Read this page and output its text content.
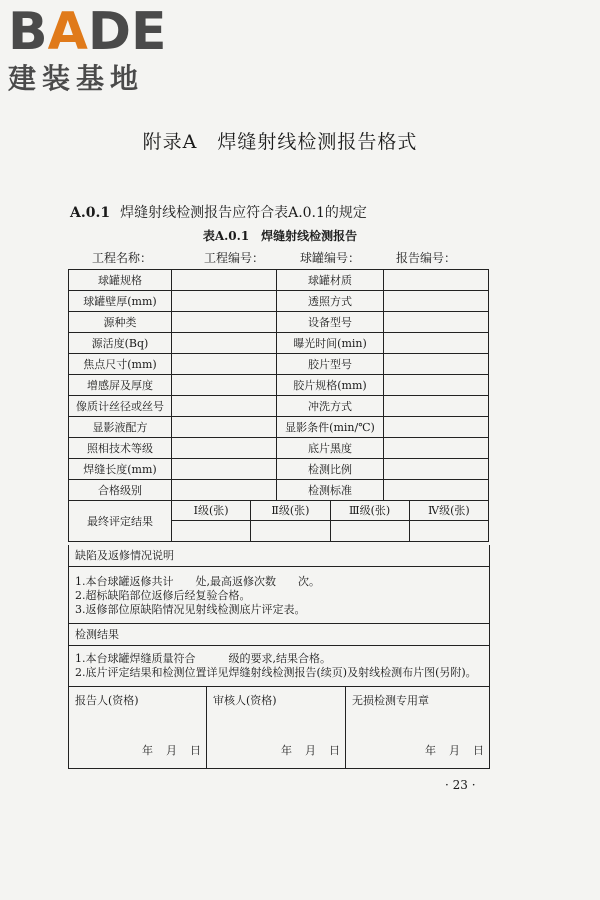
BADE
建装基地
附录A　焊缝射线检测报告格式
A.0.1 焊缝射线检测报告应符合表A.0.1的规定
表A.0.1　焊缝射线检测报告
工程名称：	工程编号：	球罐编号：	报告编号：
球罐规格		球罐材质	
球罐壁厚(mm)		透照方式	
源种类		设备型号	
源活度(Bq)		曝光时间(min)	
焦点尺寸(mm)		胶片型号	
增感屏及厚度		胶片规格(mm)	
像质计丝径或丝号		冲洗方式	
显影液配方		显影条件(min/℃)	
照相技术等级		底片黑度	
焊缝长度(mm)		检测比例	
合格级别		检测标准	
最终评定结果	Ⅰ级(张) Ⅱ级(张) Ⅲ级(张) Ⅳ级(张)		
缺陷及返修情况说明
1.本台球罐返修共计　　处,最高返修次数　　次。
2.超标缺陷部位返修后经复验合格。
3.返修部位原缺陷情况见射线检测底片评定表。
检测结果
1.本台球罐焊缝质量符合　　　级的要求,结果合格。
2.底片评定结果和检测位置详见焊缝射线检测报告(续页)及射线检测布片图(另附)。
报告人(资格)
年　月　日
审核人(资格)
年　月　日
无损检测专用章
年　月　日
· 23 ·
